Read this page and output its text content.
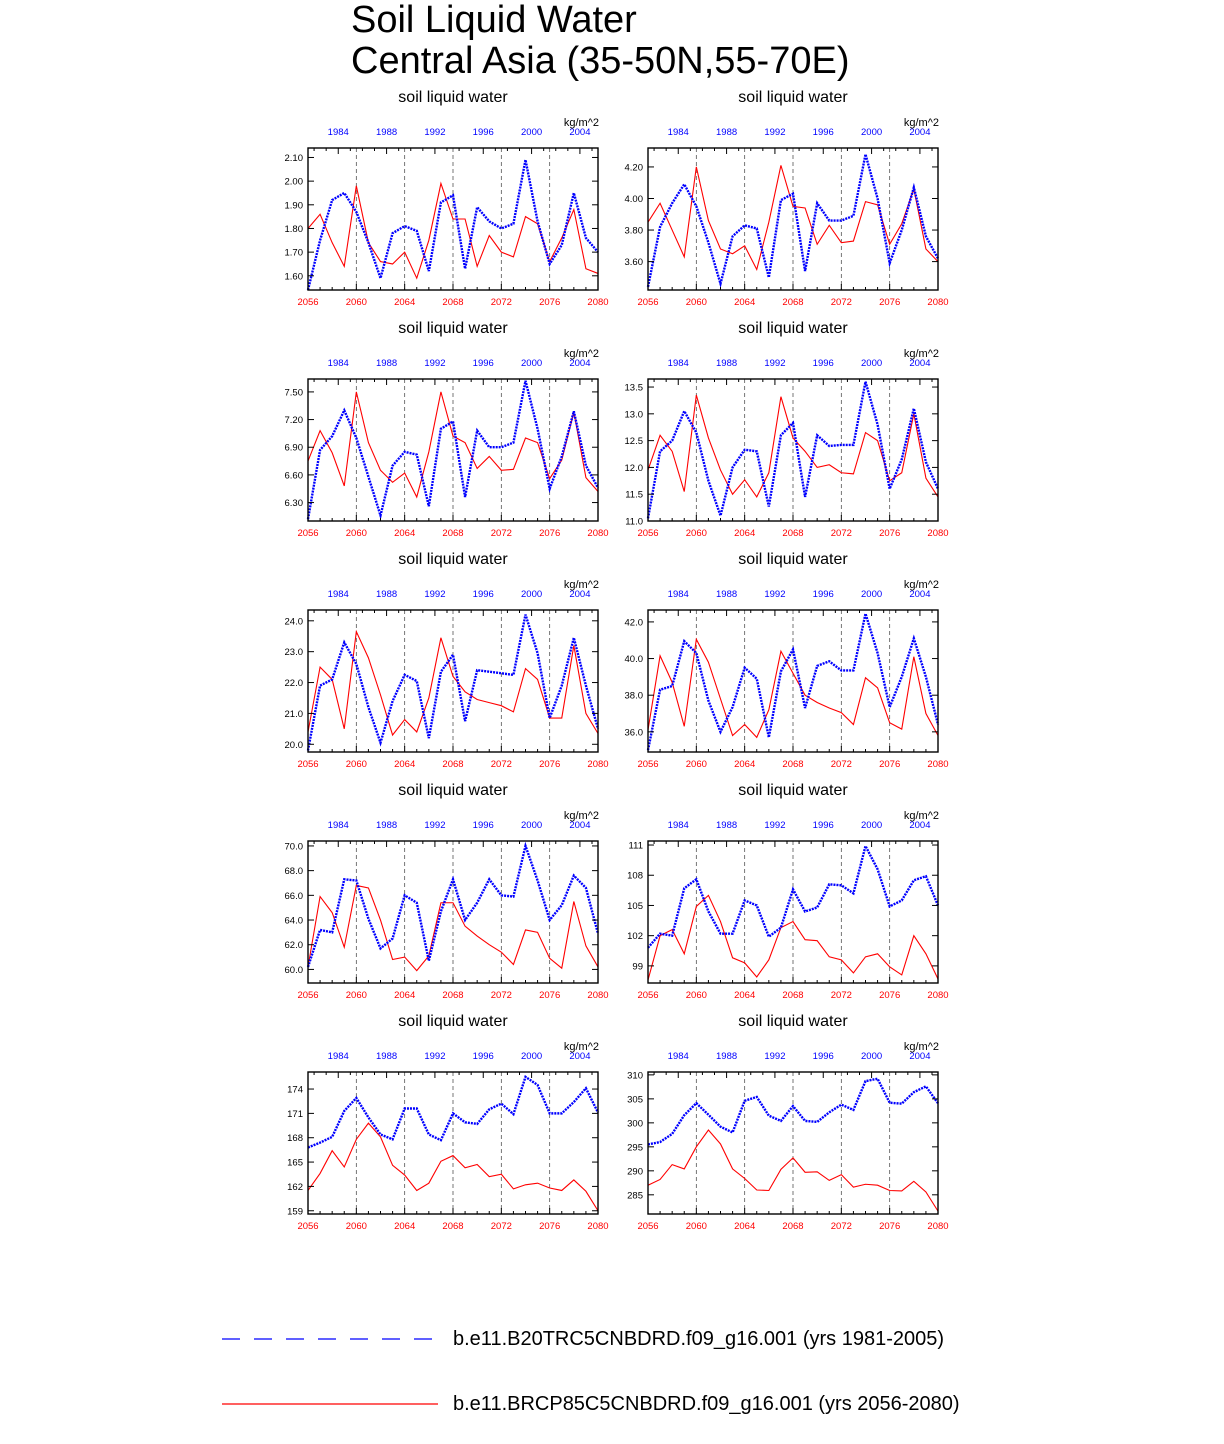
Soil Liquid Water
Central Asia (35-50N,55-70E)
soil liquid water
kg/m^2
1.60
1.70
1.80
1.90
2.00
2.10
2056	2060	2064	2068	2072	2076	2080
1984	1988	1992	1996	2000	2004
soil liquid water
kg/m^2
3.60
3.80
4.00
4.20
2056	2060	2064	2068	2072	2076	2080
1984	1988	1992	1996	2000	2004
soil liquid water
kg/m^2
6.30
6.60
6.90
7.20
7.50
2056	2060	2064	2068	2072	2076	2080
1984	1988	1992	1996	2000	2004
soil liquid water
kg/m^2
11.0
11.5
12.0
12.5
13.0
13.5
2056	2060	2064	2068	2072	2076	2080
1984	1988	1992	1996	2000	2004
soil liquid water
kg/m^2
20.0
21.0
22.0
23.0
24.0
2056	2060	2064	2068	2072	2076	2080
1984	1988	1992	1996	2000	2004
soil liquid water
kg/m^2
36.0
38.0
40.0
42.0
2056	2060	2064	2068	2072	2076	2080
1984	1988	1992	1996	2000	2004
soil liquid water
kg/m^2
60.0
62.0
64.0
66.0
68.0
70.0
2056	2060	2064	2068	2072	2076	2080
1984	1988	1992	1996	2000	2004
soil liquid water
kg/m^2
99
102
105
108
111
2056	2060	2064	2068	2072	2076	2080
1984	1988	1992	1996	2000	2004
soil liquid water
kg/m^2
159
162
165
168
171
174
2056	2060	2064	2068	2072	2076	2080
1984	1988	1992	1996	2000	2004
soil liquid water
kg/m^2
285
290
295
300
305
310
2056	2060	2064	2068	2072	2076	2080
1984	1988	1992	1996	2000	2004
b.e11.B20TRC5CNBDRD.f09_g16.001 (yrs 1981-2005)
b.e11.BRCP85C5CNBDRD.f09_g16.001 (yrs 2056-2080)
